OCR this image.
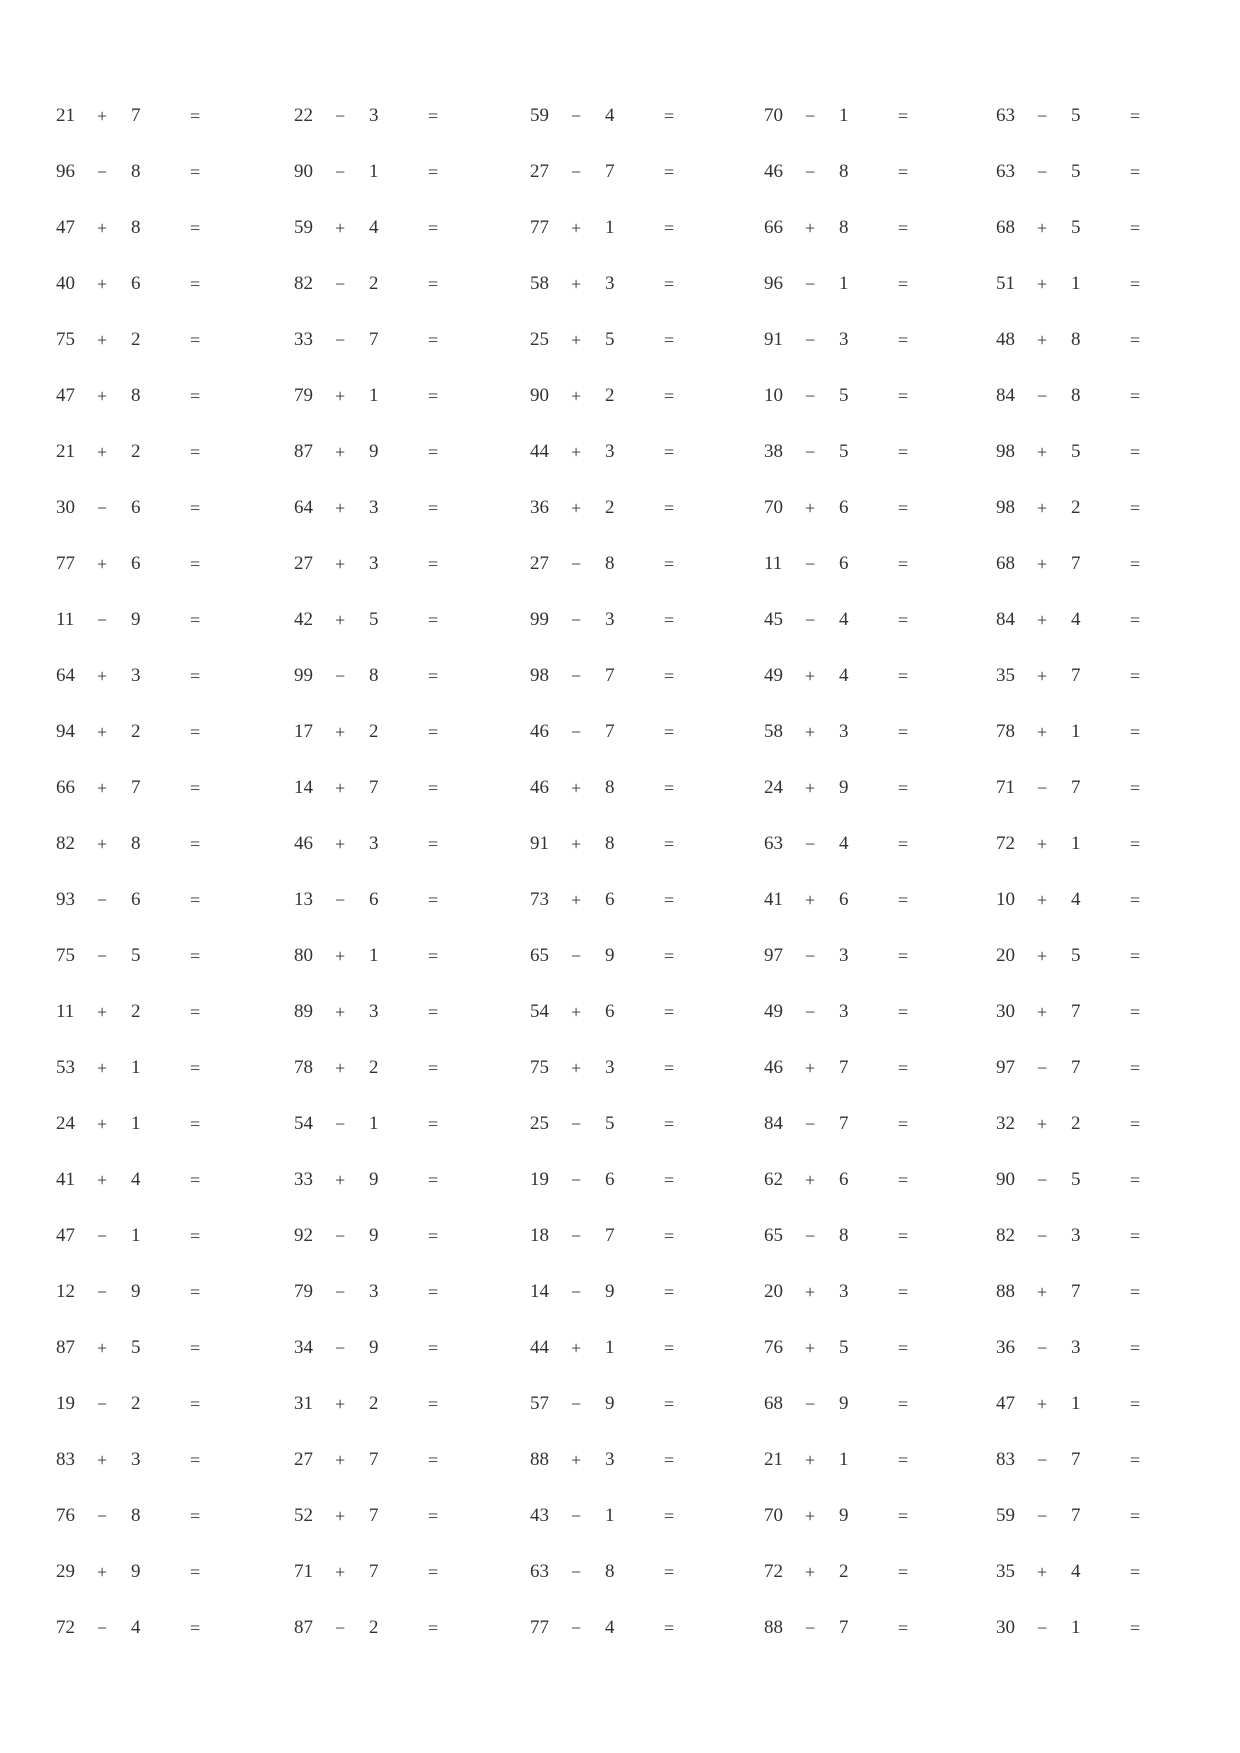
21 + 7	=	22 − 3	=	59 − 4	=	70 − 1	=	63 − 5	=
96 − 8	=	90 − 1	=	27 − 7	=	46 − 8	=	63 − 5	=
47 + 8	=	59 + 4	=	77 + 1	=	66 + 8	=	68 + 5	=
40 + 6	=	82 − 2	=	58 + 3	=	96 − 1	=	51 + 1	=
75 + 2	=	33 − 7	=	25 + 5	=	91 − 3	=	48 + 8	=
47 + 8	=	79 + 1	=	90 + 2	=	10 − 5	=	84 − 8	=
21 + 2	=	87 + 9	=	44 + 3	=	38 − 5	=	98 + 5	=
30 − 6	=	64 + 3	=	36 + 2	=	70 + 6	=	98 + 2	=
77 + 6	=	27 + 3	=	27 − 8	=	11 − 6	=	68 + 7	=
11 − 9	=	42 + 5	=	99 − 3	=	45 − 4	=	84 + 4	=
64 + 3	=	99 − 8	=	98 − 7	=	49 + 4	=	35 + 7	=
94 + 2	=	17 + 2	=	46 − 7	=	58 + 3	=	78 + 1	=
66 + 7	=	14 + 7	=	46 + 8	=	24 + 9	=	71 − 7	=
82 + 8	=	46 + 3	=	91 + 8	=	63 − 4	=	72 + 1	=
93 − 6	=	13 − 6	=	73 + 6	=	41 + 6	=	10 + 4	=
75 − 5	=	80 + 1	=	65 − 9	=	97 − 3	=	20 + 5	=
11 + 2	=	89 + 3	=	54 + 6	=	49 − 3	=	30 + 7	=
53 + 1	=	78 + 2	=	75 + 3	=	46 + 7	=	97 − 7	=
24 + 1	=	54 − 1	=	25 − 5	=	84 − 7	=	32 + 2	=
41 + 4	=	33 + 9	=	19 − 6	=	62 + 6	=	90 − 5	=
47 − 1	=	92 − 9	=	18 − 7	=	65 − 8	=	82 − 3	=
12 − 9	=	79 − 3	=	14 − 9	=	20 + 3	=	88 + 7	=
87 + 5	=	34 − 9	=	44 + 1	=	76 + 5	=	36 − 3	=
19 − 2	=	31 + 2	=	57 − 9	=	68 − 9	=	47 + 1	=
83 + 3	=	27 + 7	=	88 + 3	=	21 + 1	=	83 − 7	=
76 − 8	=	52 + 7	=	43 − 1	=	70 + 9	=	59 − 7	=
29 + 9	=	71 + 7	=	63 − 8	=	72 + 2	=	35 + 4	=
72 − 4	=	87 − 2	=	77 − 4	=	88 − 7	=	30 − 1	=
